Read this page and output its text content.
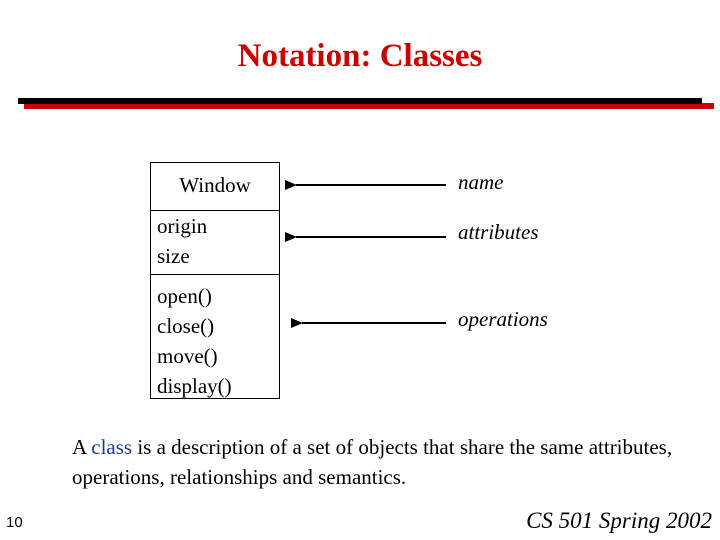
Notation: Classes
Window
origin
size
open()
close()
move()
display()
name
attributes
operations
A class is a description of a set of objects that share the same attributes, operations, relationships and semantics.
10	CS 501 Spring 2002
